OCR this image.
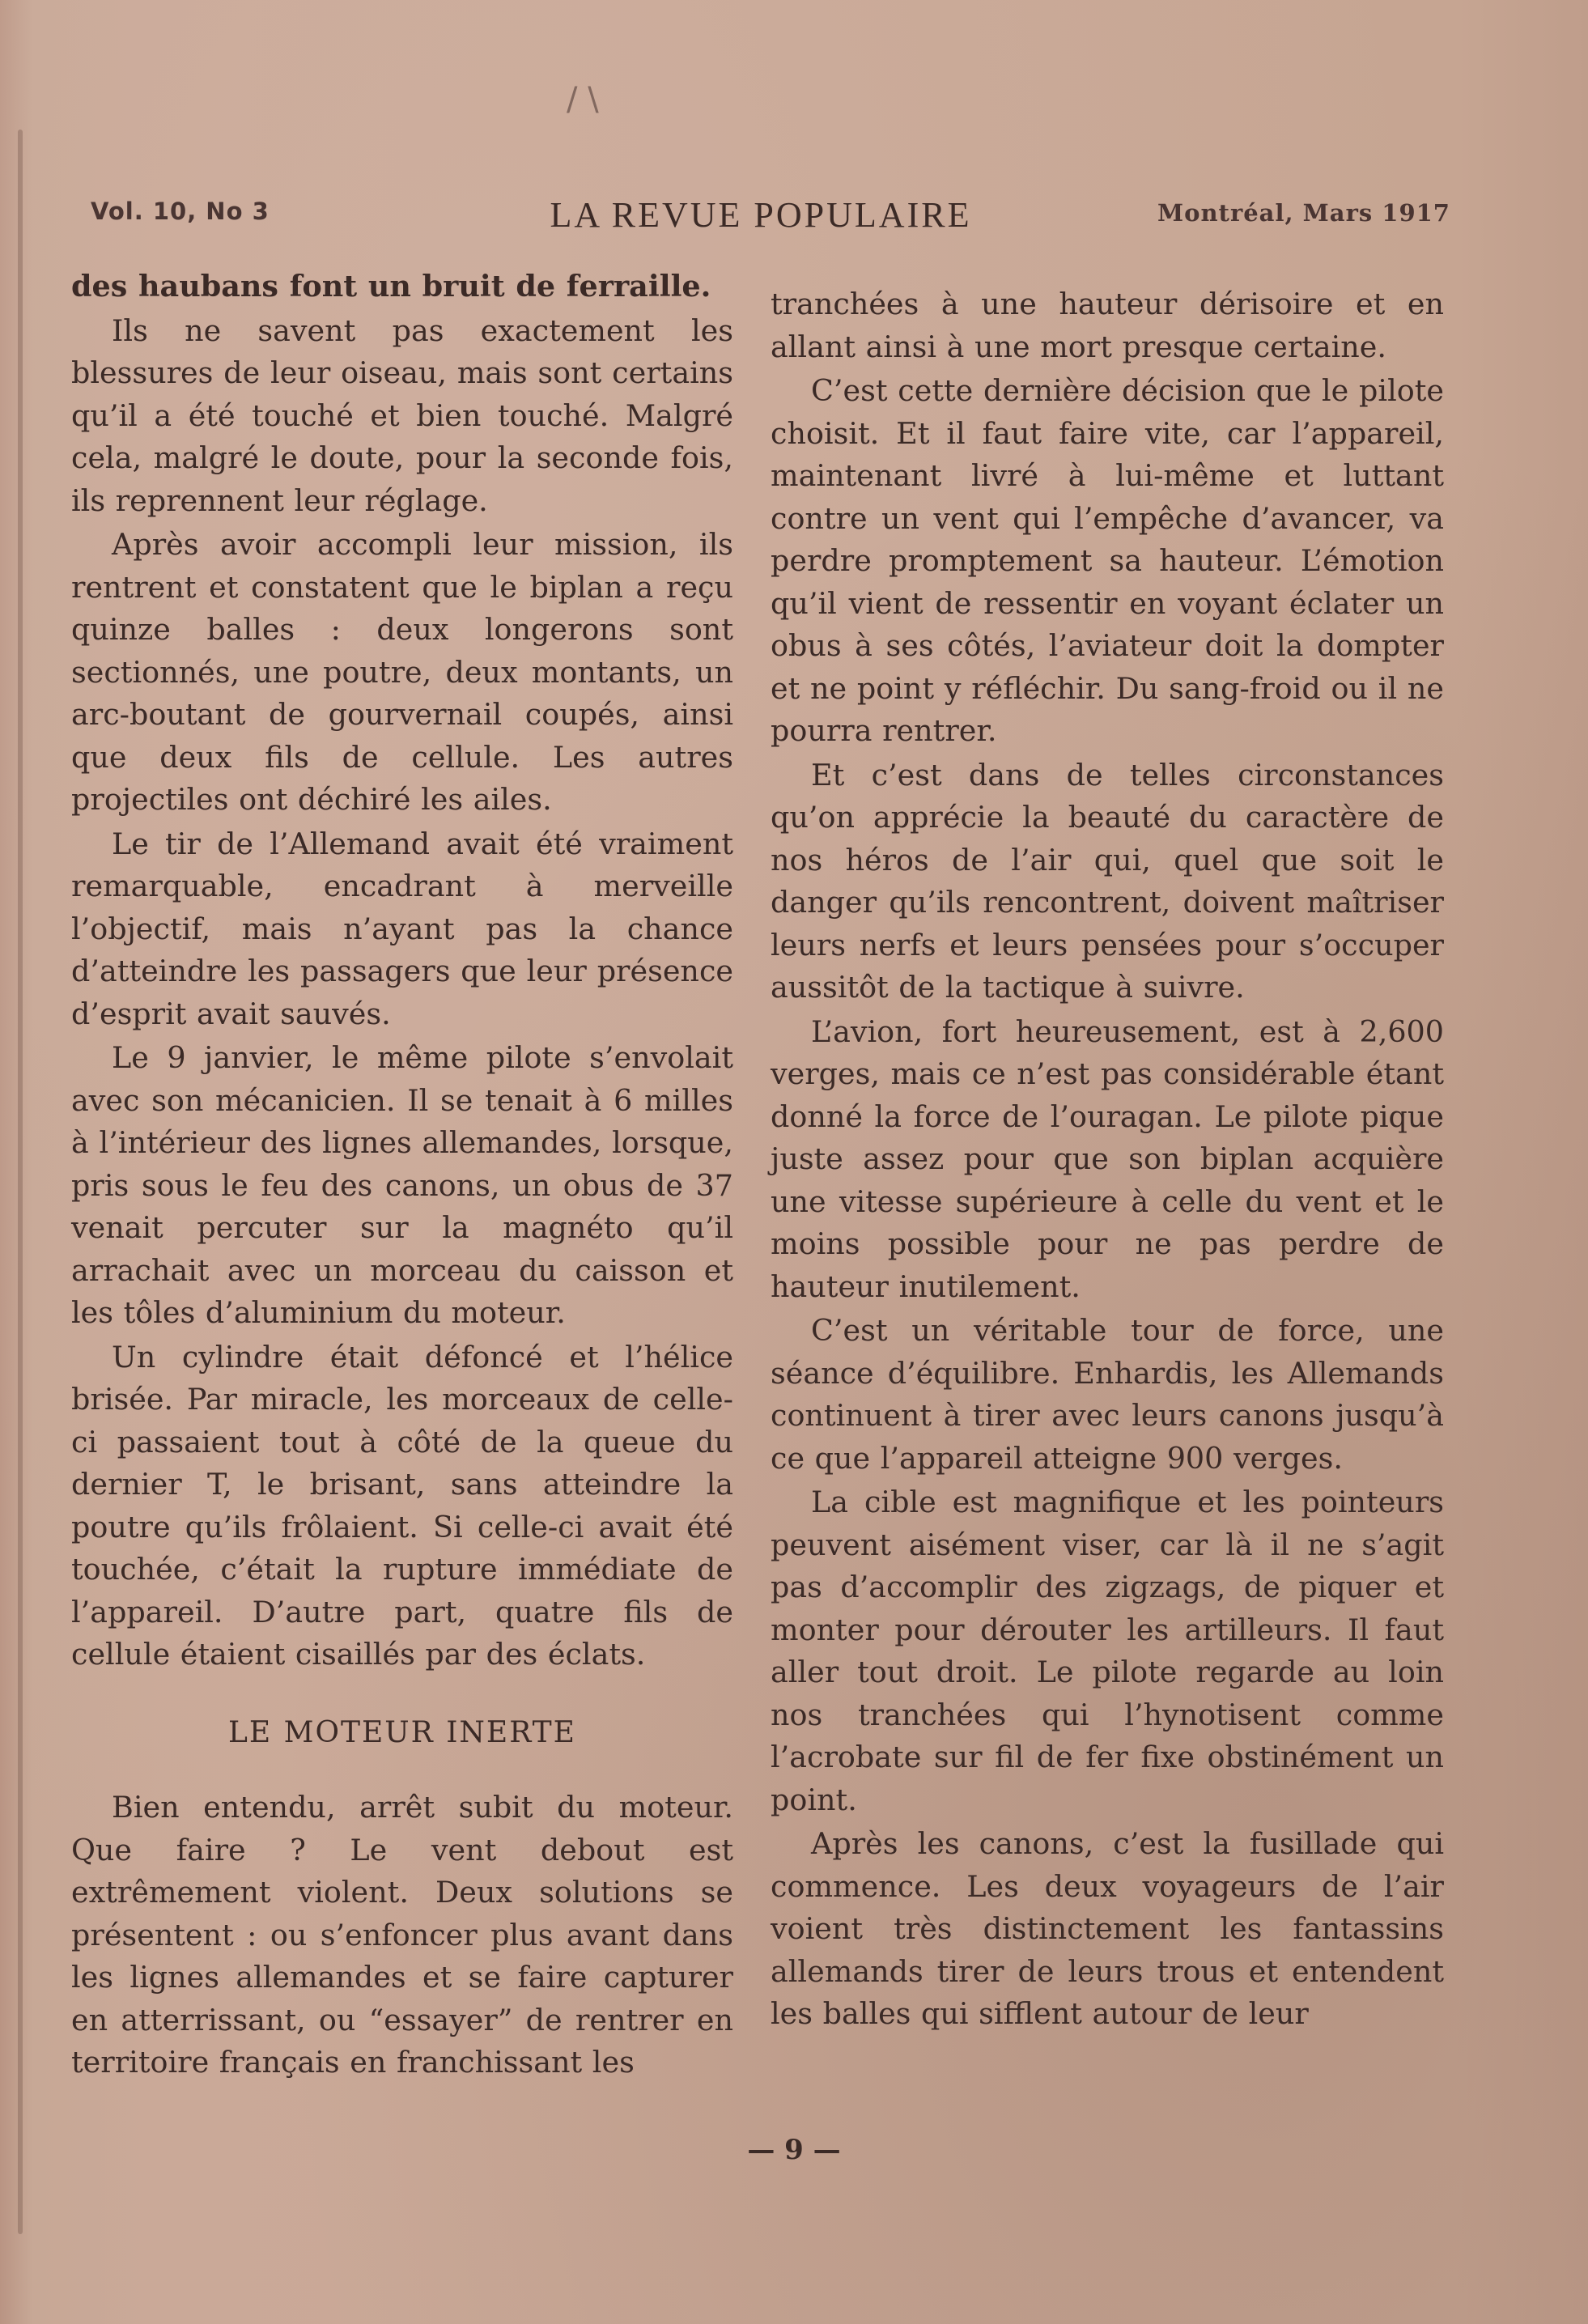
/ \
Vol. 10, No 3	LA REVUE POPULAIRE	Montréal, Mars 1917

des haubans font un bruit de ferraille.

Ils ne savent pas exactement les blessures de leur oiseau, mais sont certains qu’il a été touché et bien touché. Malgré cela, malgré le doute, pour la seconde fois, ils reprennent leur réglage.

Après avoir accompli leur mission, ils rentrent et constatent que le biplan a reçu quinze balles : deux longerons sont sectionnés, une poutre, deux montants, un arc-boutant de gourvernail coupés, ainsi que deux fils de cellule. Les autres projectiles ont déchiré les ailes.

Le tir de l’Allemand avait été vraiment remarquable, encadrant à merveille l’objectif, mais n’ayant pas la chance d’atteindre les passagers que leur présence d’esprit avait sauvés.

Le 9 janvier, le même pilote s’envolait avec son mécanicien. Il se tenait à 6 milles à l’intérieur des lignes allemandes, lorsque, pris sous le feu des canons, un obus de 37 venait percuter sur la magnéto qu’il arrachait avec un morceau du caisson et les tôles d’aluminium du moteur.

Un cylindre était défoncé et l’hélice brisée. Par miracle, les morceaux de celle-ci passaient tout à côté de la queue du dernier T, le brisant, sans atteindre la poutre qu’ils frôlaient. Si celle-ci avait été touchée, c’était la rupture immédiate de l’appareil. D’autre part, quatre fils de cellule étaient cisaillés par des éclats.

LE MOTEUR INERTE

Bien entendu, arrêt subit du moteur. Que faire ? Le vent debout est extrêmement violent. Deux solutions se présentent : ou s’enfoncer plus avant dans les lignes allemandes et se faire capturer en atterrissant, ou “essayer” de rentrer en territoire français en franchissant les

tranchées à une hauteur dérisoire et en allant ainsi à une mort presque certaine.

C’est cette dernière décision que le pilote choisit. Et il faut faire vite, car l’appareil, maintenant livré à lui-même et luttant contre un vent qui l’empêche d’avancer, va perdre promptement sa hauteur. L’émotion qu’il vient de ressentir en voyant éclater un obus à ses côtés, l’aviateur doit la dompter et ne point y réfléchir. Du sang-froid ou il ne pourra rentrer.

Et c’est dans de telles circonstances qu’on apprécie la beauté du caractère de nos héros de l’air qui, quel que soit le danger qu’ils rencontrent, doivent maîtriser leurs nerfs et leurs pensées pour s’occuper aussitôt de la tactique à suivre.

L’avion, fort heureusement, est à 2,600 verges, mais ce n’est pas considérable étant donné la force de l’ouragan. Le pilote pique juste assez pour que son biplan acquière une vitesse supérieure à celle du vent et le moins possible pour ne pas perdre de hauteur inutilement.

C’est un véritable tour de force, une séance d’équilibre. Enhardis, les Allemands continuent à tirer avec leurs canons jusqu’à ce que l’appareil atteigne 900 verges.

La cible est magnifique et les pointeurs peuvent aisément viser, car là il ne s’agit pas d’accomplir des zigzags, de piquer et monter pour dérouter les artilleurs. Il faut aller tout droit. Le pilote regarde au loin nos tranchées qui l’hynotisent comme l’acrobate sur fil de fer fixe obstinément un point.

Après les canons, c’est la fusillade qui commence. Les deux voyageurs de l’air voient très distinctement les fantassins allemands tirer de leurs trous et entendent les balles qui sifflent autour de leur

— 9 —
